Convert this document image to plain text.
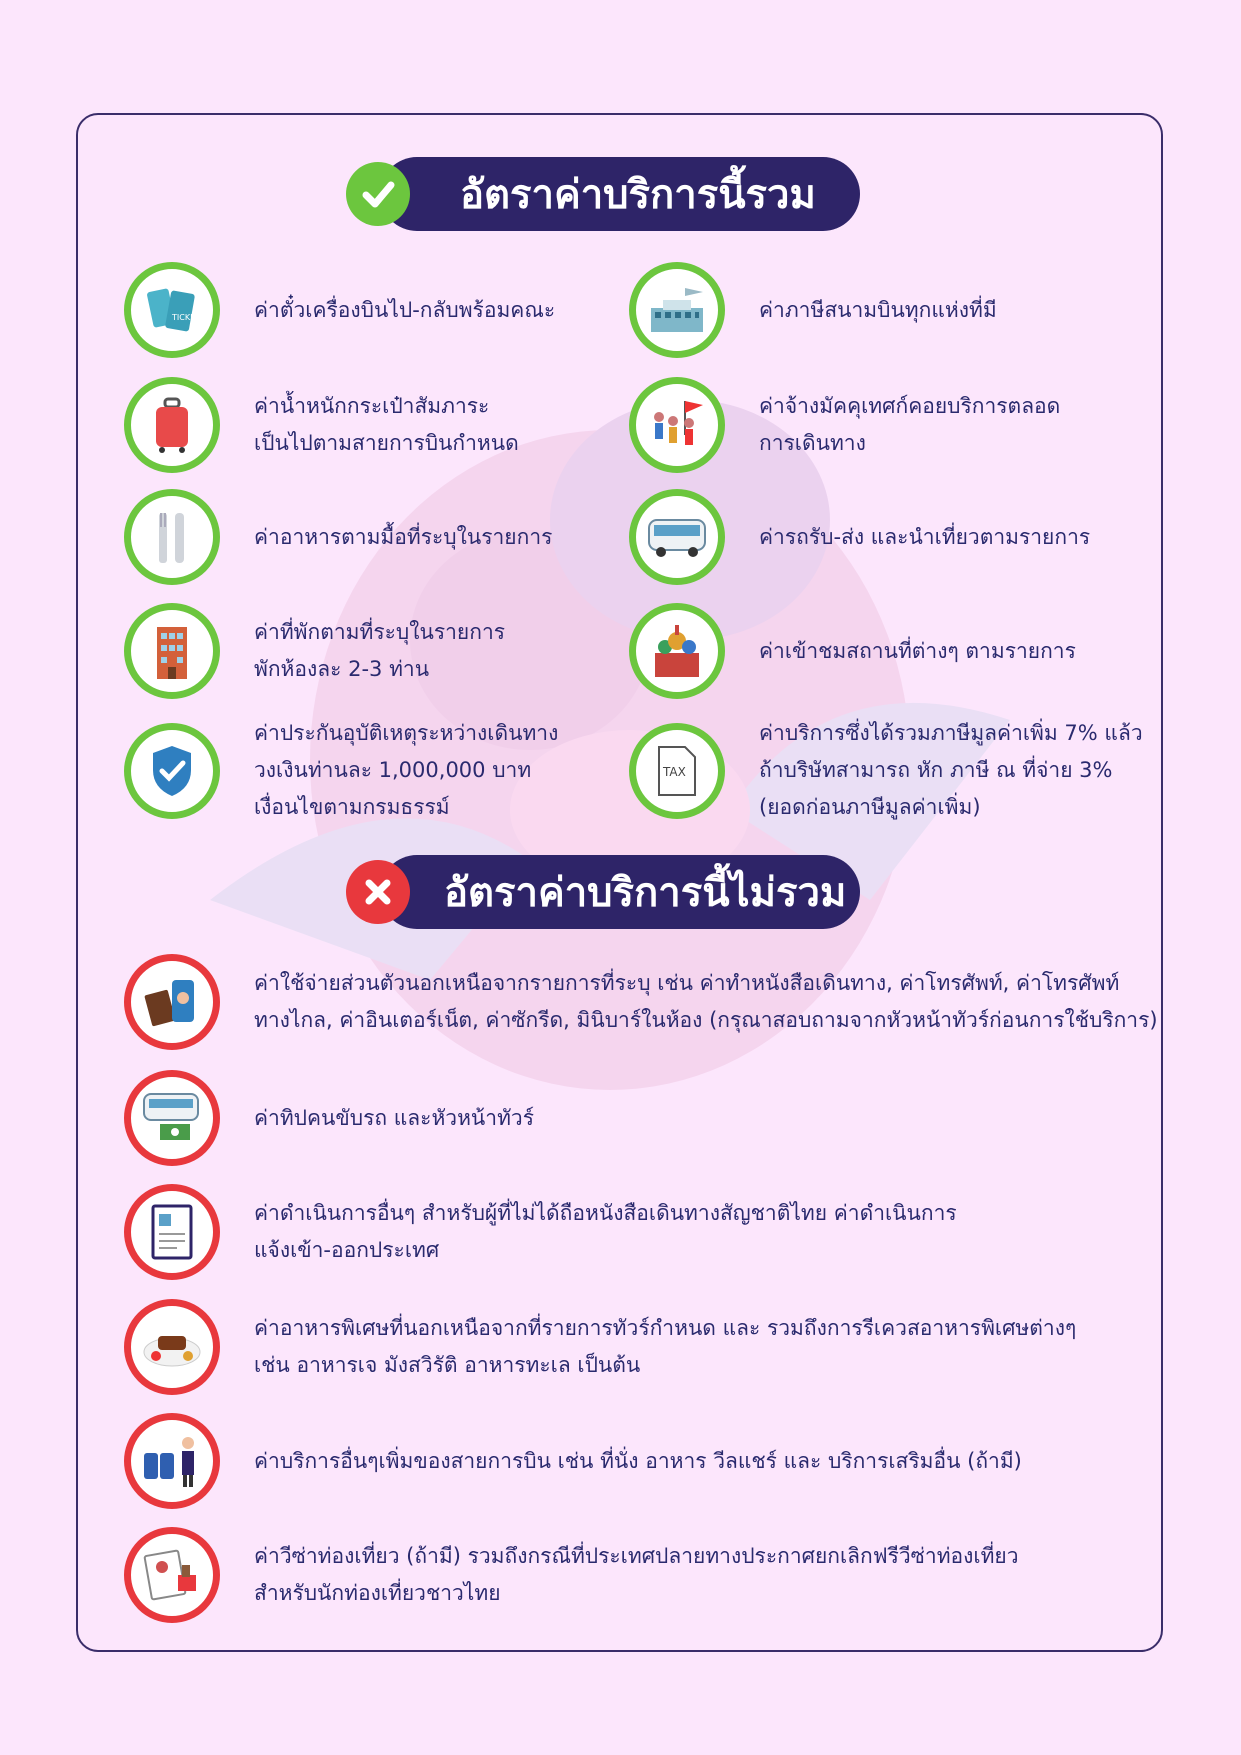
อัตราค่าบริการนี้รวม
TICKET	ค่าตั๋วเครื่องบินไป-กลับพร้อมคณะ	ค่าภาษีสนามบินทุกแห่งที่มี
ค่าน้ำหนักกระเป๋าสัมภาระ
เป็นไปตามสายการบินกำหนด
ค่าจ้างมัคคุเทศก์คอยบริการตลอด
การเดินทาง
ค่าอาหารตามมื้อที่ระบุในรายการ	ค่ารถรับ-ส่ง และนำเที่ยวตามรายการ
ค่าที่พักตามที่ระบุในรายการ
พักห้องละ 2-3 ท่าน
ค่าเข้าชมสถานที่ต่างๆ ตามรายการ
ค่าประกันอุบัติเหตุระหว่างเดินทาง
วงเงินท่านละ 1,000,000 บาท
เงื่อนไขตามกรมธรรม์
TAX
ค่าบริการซึ่งได้รวมภาษีมูลค่าเพิ่ม 7% แล้ว
ถ้าบริษัทสามารถ หัก ภาษี ณ ที่จ่าย 3%
(ยอดก่อนภาษีมูลค่าเพิ่ม)
อัตราค่าบริการนี้ไม่รวม
ค่าใช้จ่ายส่วนตัวนอกเหนือจากรายการที่ระบุ เช่น ค่าทำหนังสือเดินทาง, ค่าโทรศัพท์, ค่าโทรศัพท์
ทางไกล, ค่าอินเตอร์เน็ต, ค่าซักรีด, มินิบาร์ในห้อง (กรุณาสอบถามจากหัวหน้าทัวร์ก่อนการใช้บริการ)
ค่าทิปคนขับรถ และหัวหน้าทัวร์
ค่าดำเนินการอื่นๆ สำหรับผู้ที่ไม่ได้ถือหนังสือเดินทางสัญชาติไทย ค่าดำเนินการ
แจ้งเข้า-ออกประเทศ
ค่าอาหารพิเศษที่นอกเหนือจากที่รายการทัวร์กำหนด และ รวมถึงการรีเควสอาหารพิเศษต่างๆ
เช่น อาหารเจ มังสวิรัติ อาหารทะเล เป็นต้น
ค่าบริการอื่นๆเพิ่มของสายการบิน เช่น ที่นั่ง อาหาร วีลแชร์ และ บริการเสริมอื่น (ถ้ามี)
ค่าวีซ่าท่องเที่ยว (ถ้ามี) รวมถึงกรณีที่ประเทศปลายทางประกาศยกเลิกฟรีวีซ่าท่องเที่ยว
สำหรับนักท่องเที่ยวชาวไทย
